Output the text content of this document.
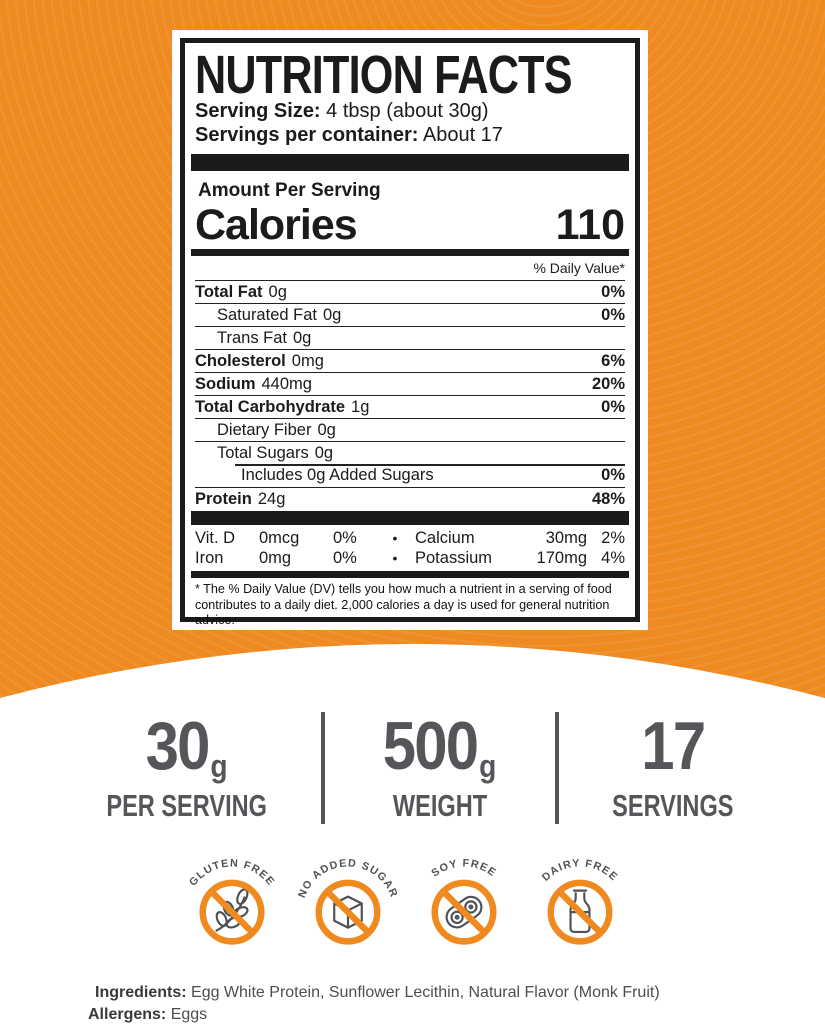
NUTRITION FACTS
Serving Size: 4 tbsp (about 30g)
Servings per container: About 17
Amount Per Serving
Calories	110
% Daily Value*
Total Fat 0g	0%
Saturated Fat 0g	0%
Trans Fat 0g
Cholesterol 0mg	6%
Sodium 440mg	20%
Total Carbohydrate 1g	0%
Dietary Fiber 0g
Total Sugars 0g
Includes 0g Added Sugars	0%
Protein 24g	48%
Vit. D	0mcg	0%	•	Calcium	30mg 2%
Iron	0mg	0%	•	Potassium	170mg 4%
* The % Daily Value (DV) tells you how much a nutrient in a serving of food
contributes to a daily diet. 2,000 calories a day is used for general nutrition advice.
30 g
PER SERVING
500 g
WEIGHT
17
SERVINGS
GLUTEN FREE
NO ADDED SUGAR
SOY FREE	DAIRY FREE
Ingredients: Egg White Protein, Sunflower Lecithin, Natural Flavor (Monk Fruit)
Allergens: Eggs
